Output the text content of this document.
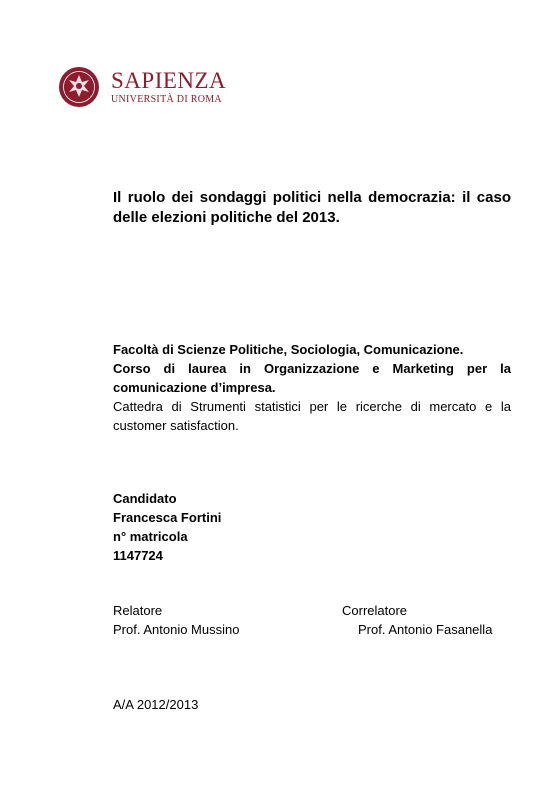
SAPIENZA
UNIVERSITÀ DI ROMA
Il ruolo dei sondaggi politici nella democrazia: il caso delle elezioni politiche del 2013.

Facoltà di Scienze Politiche, Sociologia, Comunicazione.

Corso di laurea in Organizzazione e Marketing per la

comunicazione d’impresa.

Cattedra di Strumenti statistici per le ricerche di mercato e la customer satisfaction.

Candidato
Francesca Fortini
n° matricola
1147724
Relatore
Prof. Antonio Mussino
Correlatore
Prof. Antonio Fasanella
A/A 2012/2013
